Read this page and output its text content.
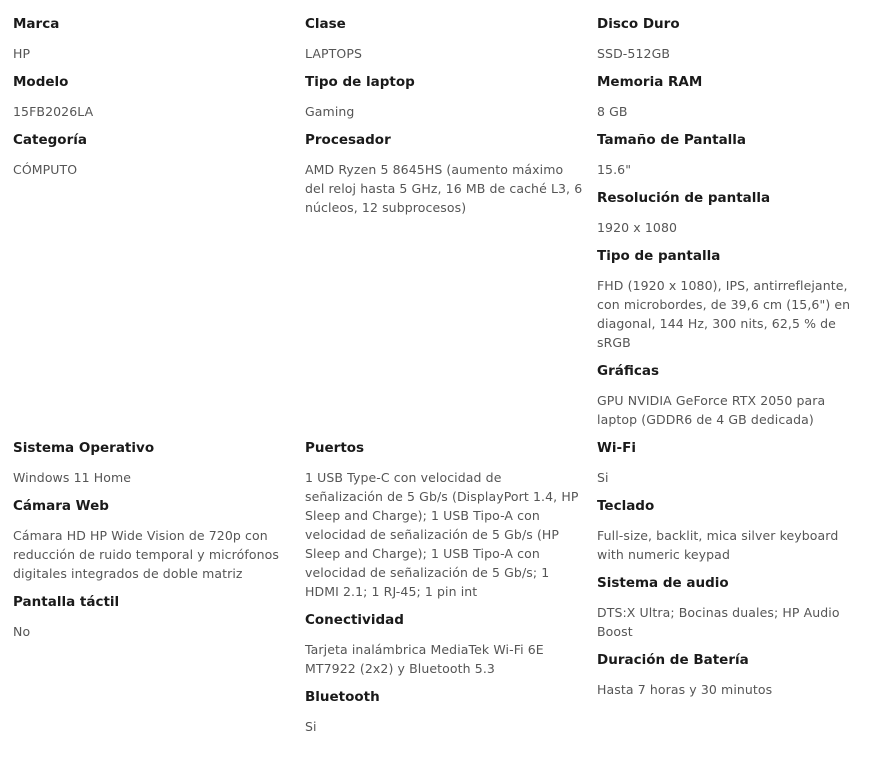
Marca
HP
Modelo
15FB2026LA
Categoría
CÓMPUTO
Clase
LAPTOPS
Tipo de laptop
Gaming
Procesador
AMD Ryzen 5 8645HS (aumento máximo del reloj hasta 5 GHz, 16 MB de caché L3, 6 núcleos, 12 subprocesos)
Disco Duro
SSD-512GB
Memoria RAM
8 GB
Tamaño de Pantalla
15.6"
Resolución de pantalla
1920 x 1080
Tipo de pantalla
FHD (1920 x 1080), IPS, antirreflejante, con microbordes, de 39,6 cm (15,6") en diagonal, 144 Hz, 300 nits, 62,5 % de sRGB
Gráficas
GPU NVIDIA GeForce RTX 2050 para laptop (GDDR6 de 4 GB dedicada)
Sistema Operativo
Windows 11 Home
Cámara Web
Cámara HD HP Wide Vision de 720p con reducción de ruido temporal y micrófonos digitales integrados de doble matriz
Pantalla táctil
No
Puertos
1 USB Type-C con velocidad de señalización de 5 Gb/s (DisplayPort 1.4, HP Sleep and Charge); 1 USB Tipo-A con velocidad de señalización de 5 Gb/s (HP Sleep and Charge); 1 USB Tipo-A con velocidad de señalización de 5 Gb/s; 1 HDMI 2.1; 1 RJ-45; 1 pin int
Conectividad
Tarjeta inalámbrica MediaTek Wi-Fi 6E MT7922 (2x2) y Bluetooth 5.3
Bluetooth
Si
Wi-Fi
Si
Teclado
Full-size, backlit, mica silver keyboard with numeric keypad
Sistema de audio
DTS:X Ultra; Bocinas duales; HP Audio Boost
Duración de Batería
Hasta 7 horas y 30 minutos
